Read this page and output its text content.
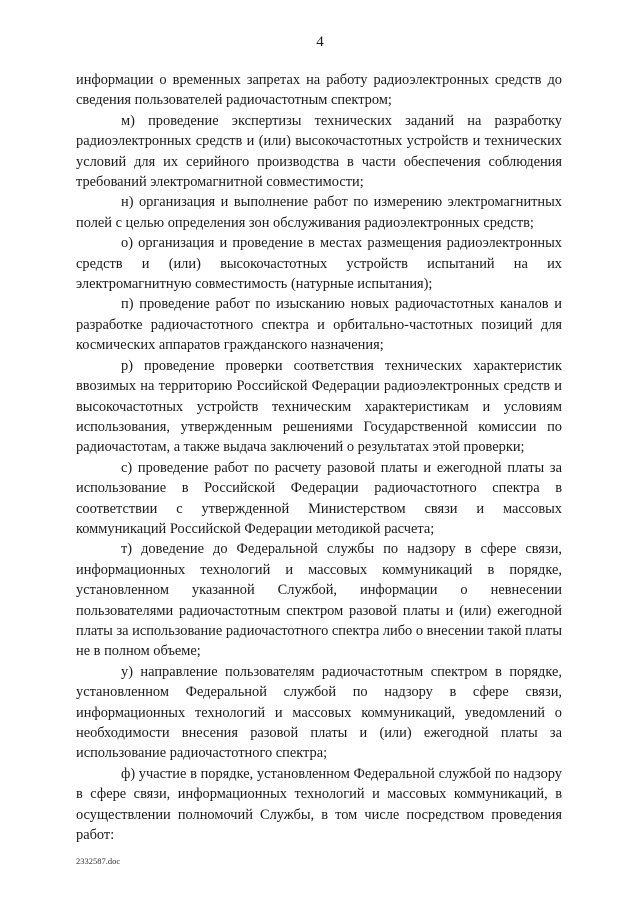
4

информации о временных запретах на работу радиоэлектронных средств до сведения пользователей радиочастотным спектром;

м) проведение экспертизы технических заданий на разработку радиоэлектронных средств и (или) высокочастотных устройств и технических условий для их серийного производства в части обеспечения соблюдения требований электромагнитной совместимости;

н) организация и выполнение работ по измерению электромагнитных полей с целью определения зон обслуживания радиоэлектронных средств;

о) организация и проведение в местах размещения радиоэлектронных средств и (или) высокочастотных устройств испытаний на их электромагнитную совместимость (натурные испытания);

п) проведение работ по изысканию новых радиочастотных каналов и разработке радиочастотного спектра и орбитально-частотных позиций для космических аппаратов гражданского назначения;

р) проведение проверки соответствия технических характеристик ввозимых на территорию Российской Федерации радиоэлектронных средств и высокочастотных устройств техническим характеристикам и условиям использования, утвержденным решениями Государственной комиссии по радиочастотам, а также выдача заключений о результатах этой проверки;

с) проведение работ по расчету разовой платы и ежегодной платы за использование в Российской Федерации радиочастотного спектра в соответствии с утвержденной Министерством связи и массовых коммуникаций Российской Федерации методикой расчета;

т) доведение до Федеральной службы по надзору в сфере связи, информационных технологий и массовых коммуникаций в порядке, установленном указанной Службой, информации о невнесении пользователями радиочастотным спектром разовой платы и (или) ежегодной платы за использование радиочастотного спектра либо о внесении такой платы не в полном объеме;

у) направление пользователям радиочастотным спектром в порядке, установленном Федеральной службой по надзору в сфере связи, информационных технологий и массовых коммуникаций, уведомлений о необходимости внесения разовой платы и (или) ежегодной платы за использование радиочастотного спектра;

ф) участие в порядке, установленном Федеральной службой по надзору в сфере связи, информационных технологий и массовых коммуникаций, в осуществлении полномочий Службы, в том числе посредством проведения работ:

2332587.doc
